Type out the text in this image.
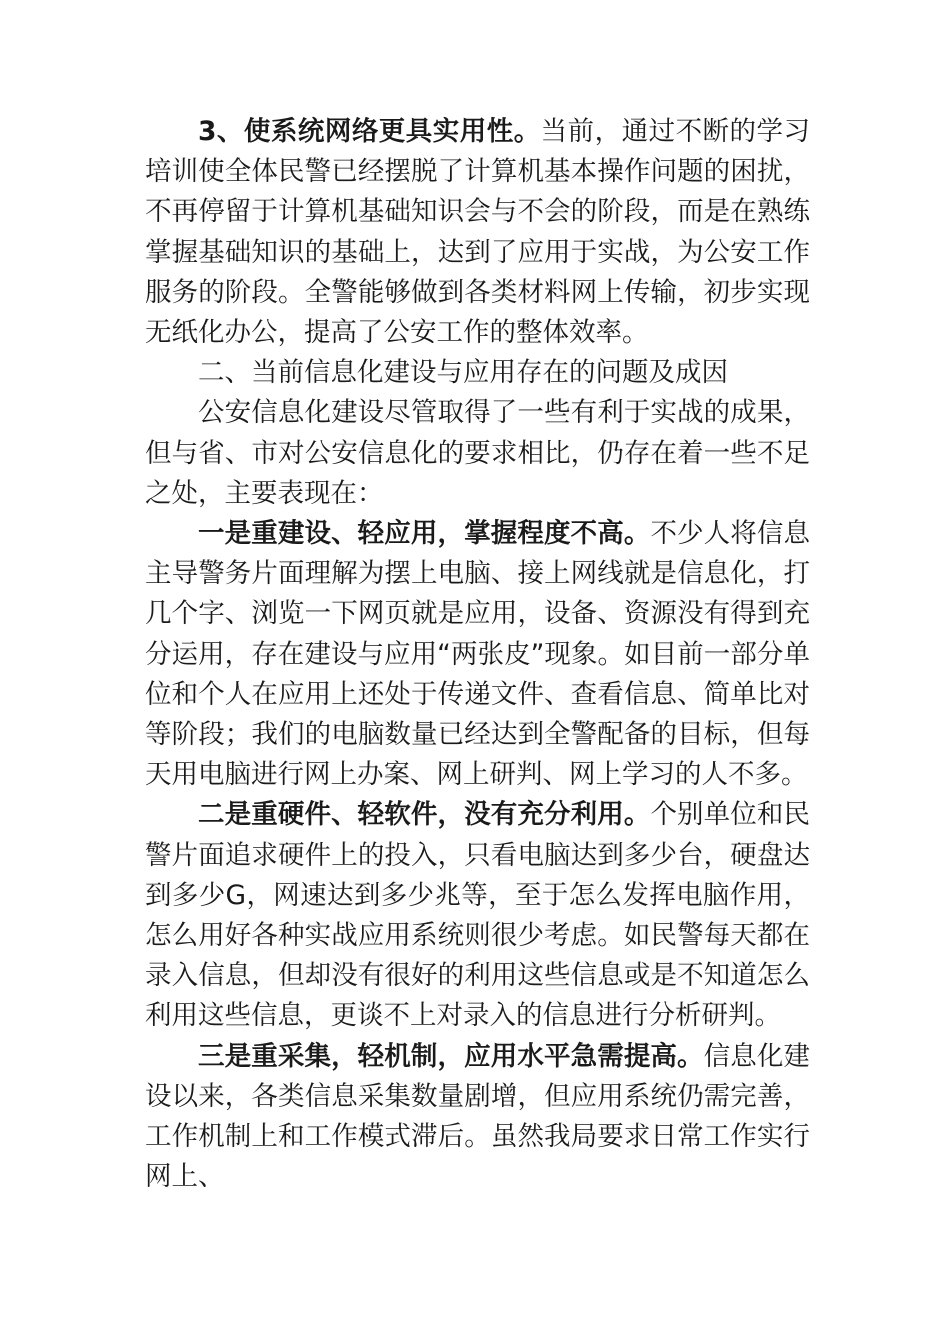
3、使系统网络更具实用性。当前，通过不断的学习培训使全体民警已经摆脱了计算机基本操作问题的困扰，不再停留于计算机基础知识会与不会的阶段，而是在熟练掌握基础知识的基础上，达到了应用于实战，为公安工作服务的阶段。全警能够做到各类材料网上传输，初步实现无纸化办公，提高了公安工作的整体效率。

二、当前信息化建设与应用存在的问题及成因

公安信息化建设尽管取得了一些有利于实战的成果，但与省、市对公安信息化的要求相比，仍存在着一些不足之处，主要表现在：

一是重建设、轻应用，掌握程度不高。不少人将信息主导警务片面理解为摆上电脑、接上网线就是信息化，打几个字、浏览一下网页就是应用，设备、资源没有得到充分运用，存在建设与应用“两张皮”现象。如目前一部分单位和个人在应用上还处于传递文件、查看信息、简单比对等阶段；我们的电脑数量已经达到全警配备的目标，但每天用电脑进行网上办案、网上研判、网上学习的人不多。

二是重硬件、轻软件，没有充分利用。个别单位和民警片面追求硬件上的投入，只看电脑达到多少台，硬盘达到多少G，网速达到多少兆等，至于怎么发挥电脑作用，怎么用好各种实战应用系统则很少考虑。如民警每天都在录入信息，但却没有很好的利用这些信息或是不知道怎么利用这些信息，更谈不上对录入的信息进行分析研判。

三是重采集，轻机制，应用水平急需提高。信息化建设以来，各类信息采集数量剧增，但应用系统仍需完善，工作机制上和工作模式滞后。虽然我局要求日常工作实行网上、
